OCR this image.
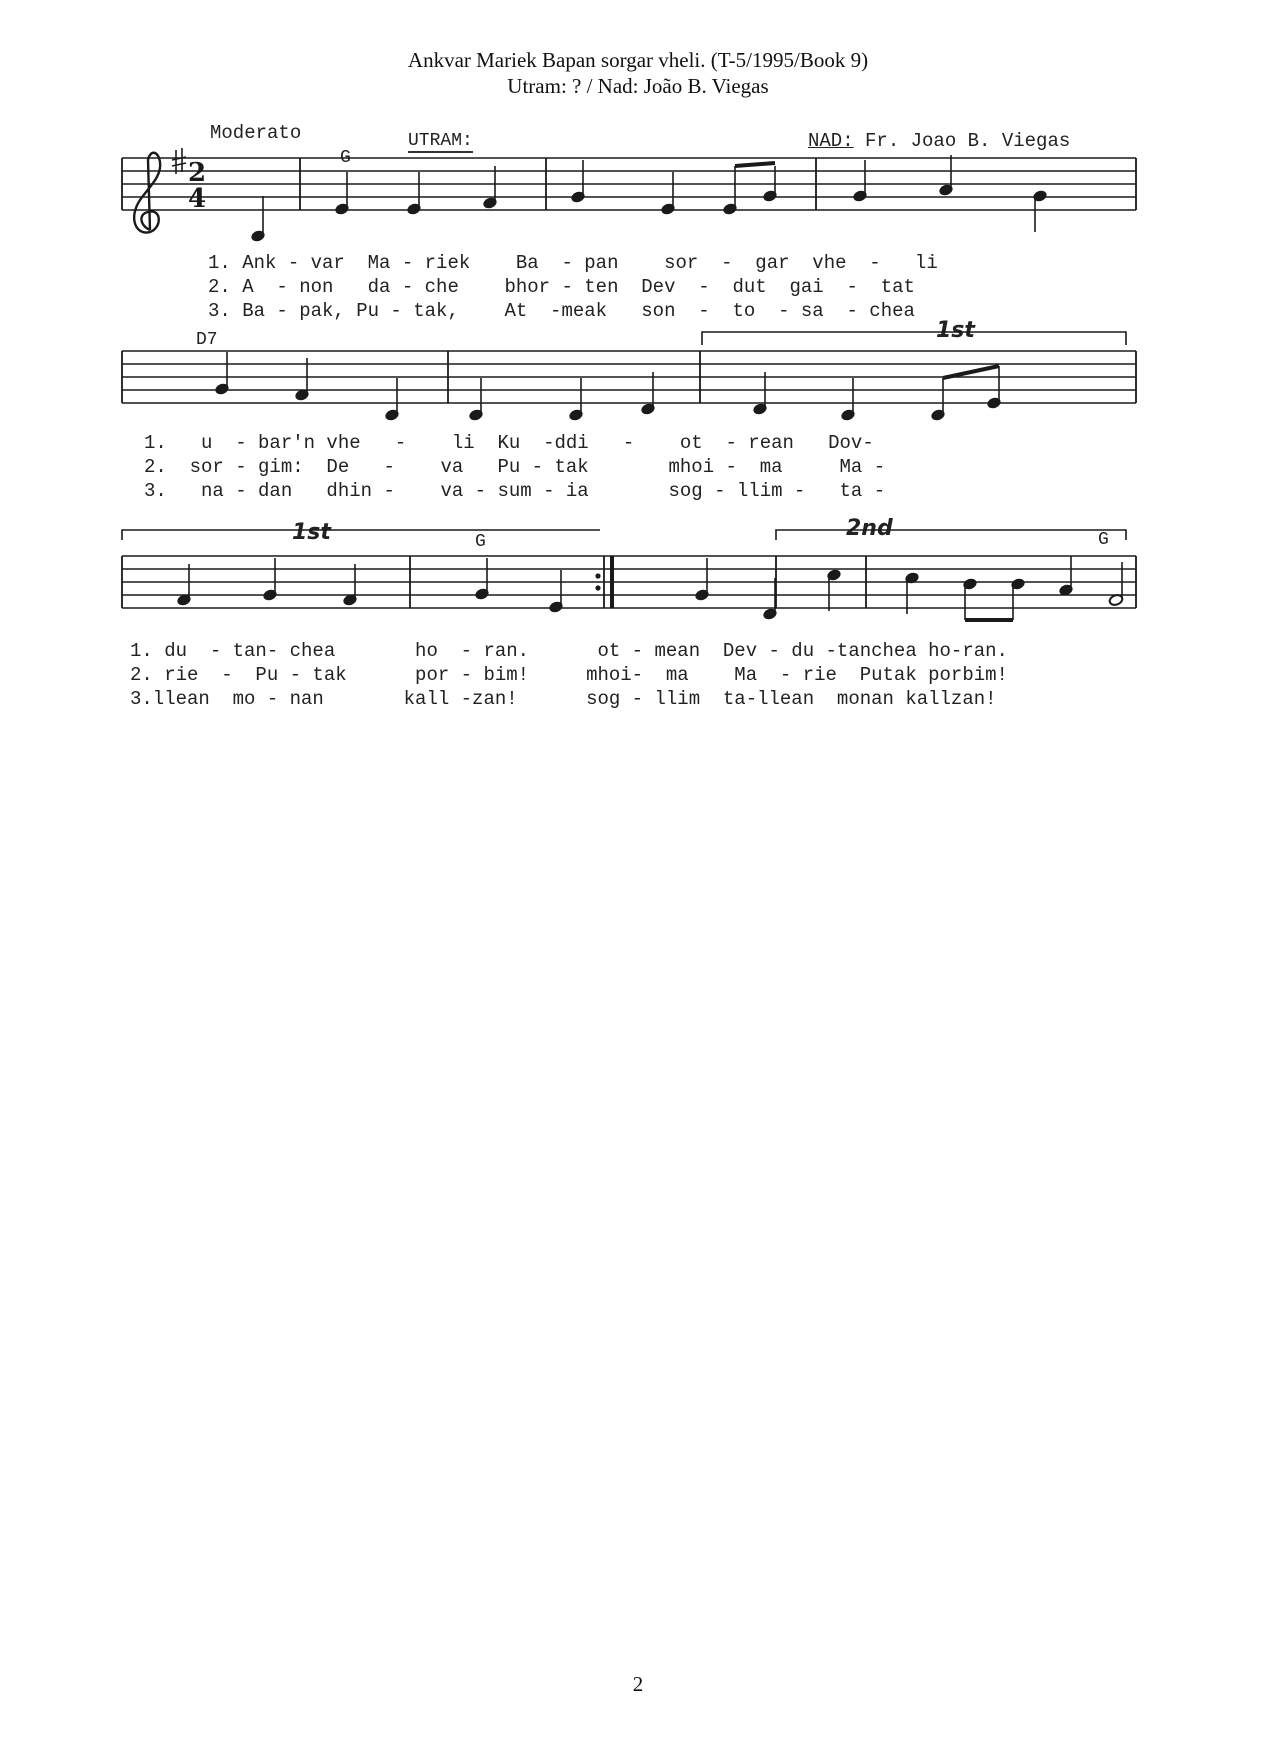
Ankvar Mariek Bapan sorgar vheli. (T-5/1995/Book 9)
Utram: ? / Nad: João B. Viegas
Moderato	UTRAM:	NAD: Fr. Joao B. Viegas
G
D7
G	G
1st
1st	2nd
2
4
1. Ank - var  Ma - riek    Ba  - pan    sor  -  gar  vhe  -   li
2. A  - non   da - che    bhor - ten  Dev  -  dut  gai  -  tat
3. Ba - pak, Pu - tak,    At  -meak   son  -  to  - sa  - chea
1.   u  - bar'n vhe   -    li  Ku  -ddi   -    ot  - rean   Dov-
2.  sor - gim:  De   -    va   Pu - tak       mhoi -  ma     Ma -
3.   na - dan   dhin -    va - sum - ia       sog - llim -   ta -
1. du  - tan- chea       ho  - ran.      ot - mean  Dev - du -tanchea ho-ran.
2. rie  -  Pu - tak      por - bim!     mhoi-  ma    Ma  - rie  Putak porbim!
3.llean  mo - nan       kall -zan!      sog - llim  ta-llean  monan kallzan!
2
